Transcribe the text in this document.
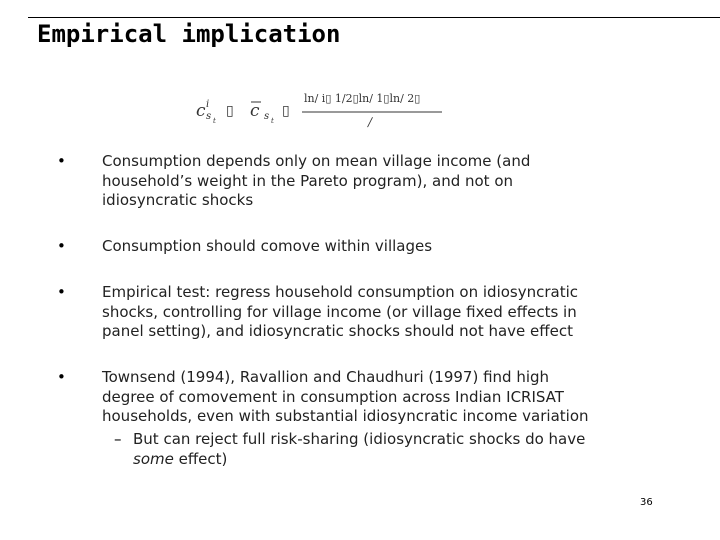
Empirical implication
c i
s t
▯ c s t
▯
ln∕ i▯ 1/2▯ln∕ 1▯ln∕ 2▯
∕
• Consumption depends only on mean village income (and
household’s weight in the Pareto program), and not on
idiosyncratic shocks
• Consumption should comove within villages
• Empirical test: regress household consumption on idiosyncratic
shocks, controlling for village income (or village fixed effects in
panel setting), and idiosyncratic shocks should not have effect
• Townsend (1994), Ravallion and Chaudhuri (1997) find high
degree of comovement in consumption across Indian ICRISAT
households, even with substantial idiosyncratic income variation
– But can reject full risk-sharing (idiosyncratic shocks do have
some effect)
36
